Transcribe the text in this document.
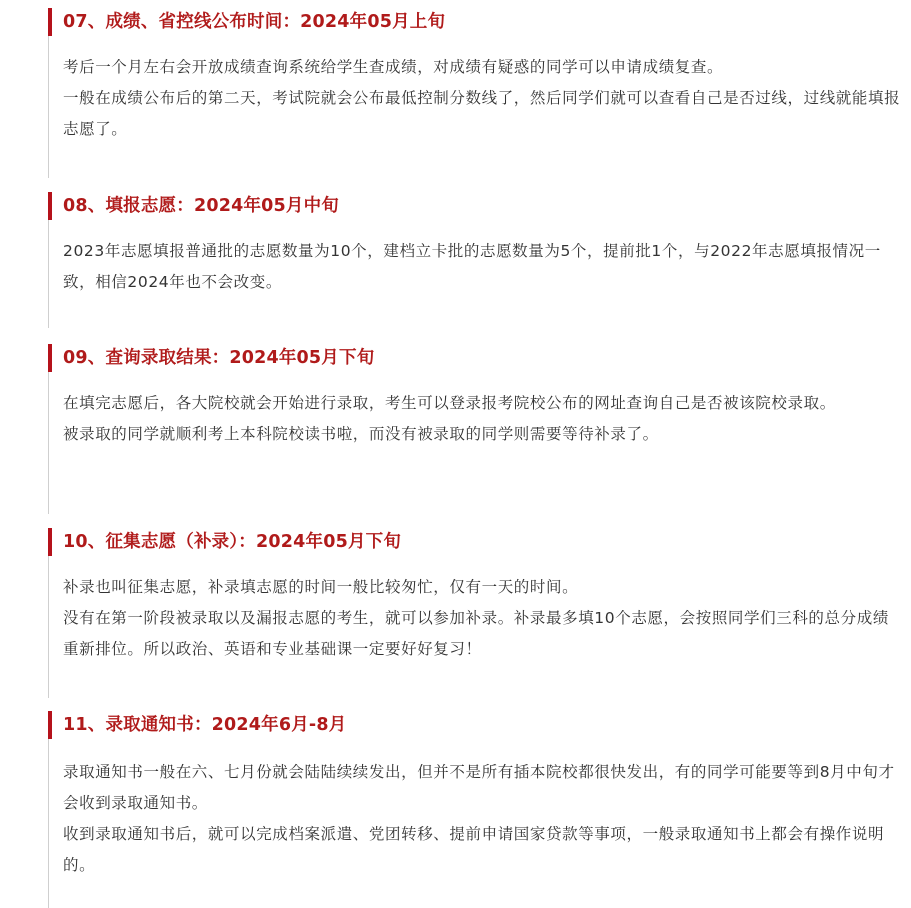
07、成绩、省控线公布时间：2024年05月上旬

考后一个月左右会开放成绩查询系统给学生查成绩，对成绩有疑惑的同学可以申请成绩复查。

一般在成绩公布后的第二天，考试院就会公布最低控制分数线了，然后同学们就可以查看自己是否过线，过线就能填报志愿了。

08、填报志愿：2024年05月中旬

2023年志愿填报普通批的志愿数量为10个，建档立卡批的志愿数量为5个，提前批1个，与2022年志愿填报情况一致，相信2024年也不会改变。

09、查询录取结果：2024年05月下旬

在填完志愿后，各大院校就会开始进行录取，考生可以登录报考院校公布的网址查询自己是否被该院校录取。

被录取的同学就顺利考上本科院校读书啦，而没有被录取的同学则需要等待补录了。

10、征集志愿（补录）：2024年05月下旬

补录也叫征集志愿，补录填志愿的时间一般比较匆忙，仅有一天的时间。

没有在第一阶段被录取以及漏报志愿的考生，就可以参加补录。补录最多填10个志愿，会按照同学们三科的总分成绩重新排位。所以政治、英语和专业基础课一定要好好复习！

11、录取通知书：2024年6月-8月

录取通知书一般在六、七月份就会陆陆续续发出，但并不是所有插本院校都很快发出，有的同学可能要等到8月中旬才会收到录取通知书。

收到录取通知书后，就可以完成档案派遣、党团转移、提前申请国家贷款等事项，一般录取通知书上都会有操作说明的。
